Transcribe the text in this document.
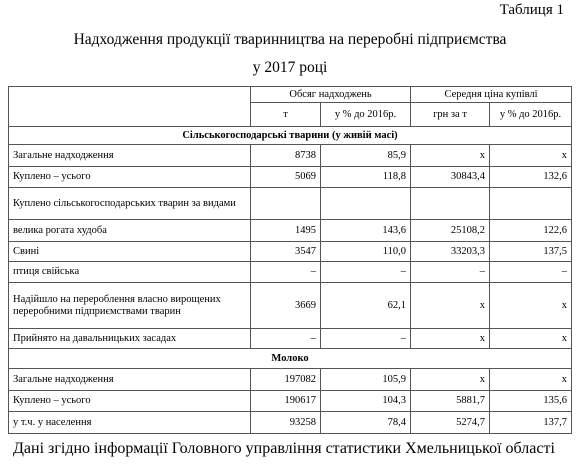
Таблиця 1
Надходження продукції тваринництва на переробні підприємства
у 2017 році
	Обсяг надходжень		Середня ціна купівлі	
	т	у % до 2016р.	грн за т	у % до 2016р.
Сільськогосподарські тварини (у живій масі)				
Загальне надходження	8738	85,9	х	х
Куплено – усього	5069	118,8	30843,4	132,6
Куплено сільськогосподарських тварин за видами				
велика рогата худоба	1495	143,6	25108,2	122,6
Свині	3547	110,0	33203,3	137,5
птиця свійська	–	–	–	–
Надійшло на перероблення власно вирощених переробними підприємствами тварин	3669	62,1	х	х
Прийнято на давальницьких засадах	–	–	х	х
Молоко				
Загальне надходження	197082	105,9	х	х
Куплено – усього	190617	104,3	5881,7	135,6
у т.ч. у населення	93258	78,4	5274,7	137,7
Дані згідно інформації Головного управління статистики Хмельницької області
